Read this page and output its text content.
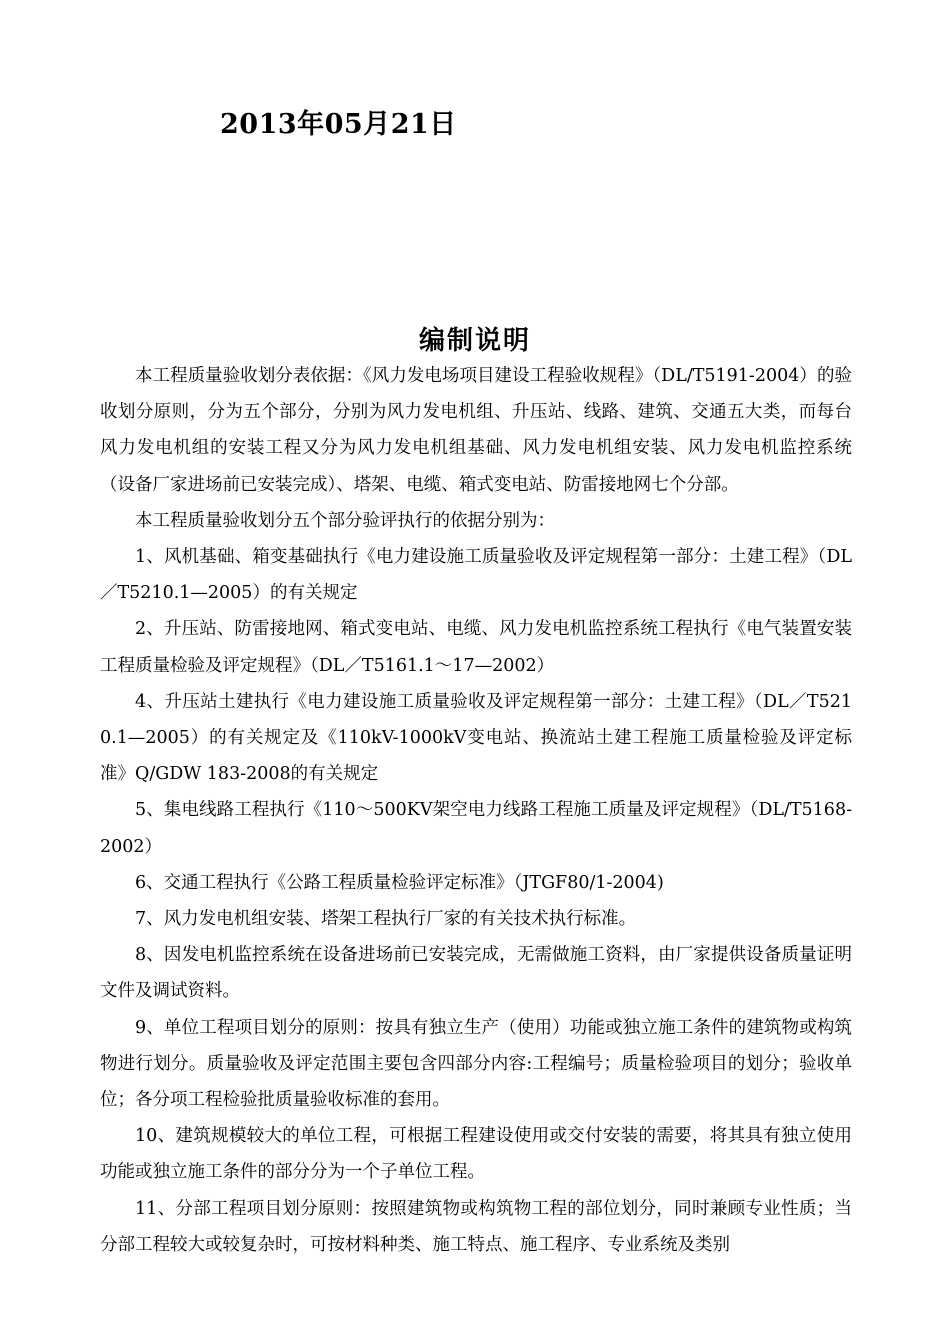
2013年05月21日
编制说明

本工程质量验收划分表依据：《风力发电场项目建设工程验收规程》（DL/T5191-2004）的验收划分原则，分为五个部分，分别为风力发电机组、升压站、线路、建筑、交通五大类，而每台风力发电机组的安装工程又分为风力发电机组基础、风力发电机组安装、风力发电机监控系统（设备厂家进场前已安装完成）、塔架、电缆、箱式变电站、防雷接地网七个分部。

本工程质量验收划分五个部分验评执行的依据分别为：

1、风机基础、箱变基础执行《电力建设施工质量验收及评定规程第一部分：土建工程》（DL／T5210.1—2005）的有关规定

2、升压站、防雷接地网、箱式变电站、电缆、风力发电机监控系统工程执行《电气装置安装工程质量检验及评定规程》（DL／T5161.1～17—2002）

4、升压站土建执行《电力建设施工质量验收及评定规程第一部分：土建工程》（DL／T5210.1—2005）的有关规定及《110kV-1000kV变电站、换流站土建工程施工质量检验及评定标准》Q/GDW 183-2008的有关规定

5、集电线路工程执行《110～500KV架空电力线路工程施工质量及评定规程》（DL/T5168-2002）

6、交通工程执行《公路工程质量检验评定标准》（JTGF80/1-2004)

7、风力发电机组安装、塔架工程执行厂家的有关技术执行标准。

8、因发电机监控系统在设备进场前已安装完成，无需做施工资料，由厂家提供设备质量证明文件及调试资料。

9、单位工程项目划分的原则：按具有独立生产（使用）功能或独立施工条件的建筑物或构筑物进行划分。质量验收及评定范围主要包含四部分内容:工程编号；质量检验项目的划分；验收单位；各分项工程检验批质量验收标准的套用。

10、建筑规模较大的单位工程，可根据工程建设使用或交付安装的需要，将其具有独立使用功能或独立施工条件的部分分为一个子单位工程。

11、分部工程项目划分原则：按照建筑物或构筑物工程的部位划分，同时兼顾专业性质；当分部工程较大或较复杂时，可按材料种类、施工特点、施工程序、专业系统及类别
